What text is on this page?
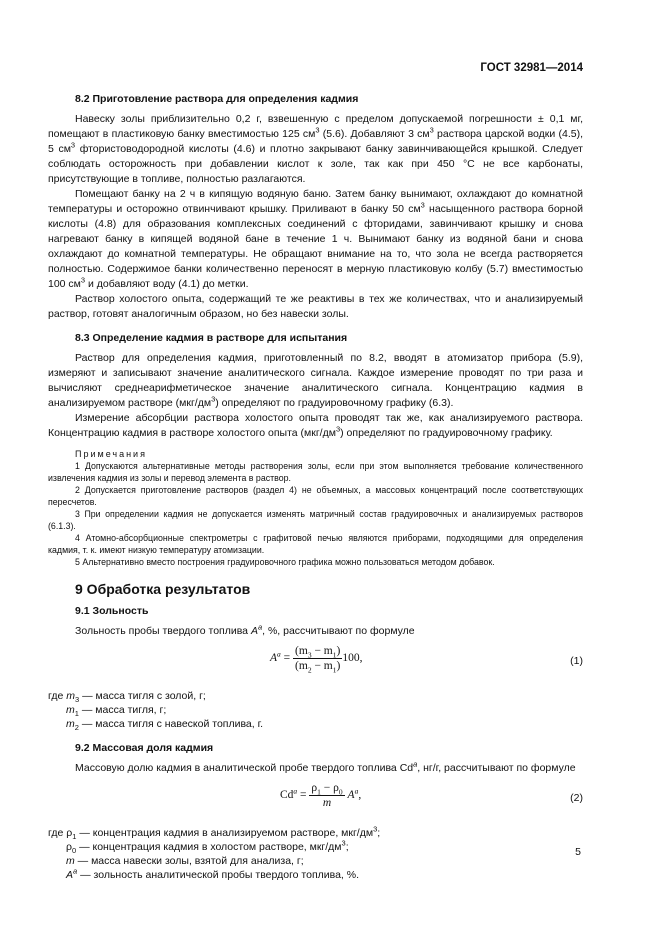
ГОСТ 32981—2014
8.2 Приготовление раствора для определения кадмия

Навеску золы приблизительно 0,2 г, взвешенную с пределом допускаемой погрешности ± 0,1 мг, помещают в пластиковую банку вместимостью 125 $см^3$ (5.6). Добавляют 3 $см^3$ раствора царской водки (4.5), 5 $см^3$ фтористоводородной кислоты (4.6) и плотно закрывают банку завинчивающейся крышкой. Следует соблюдать осторожность при добавлении кислот к золе, так как при 450 °С не все карбонаты, присутствующие в топливе, полностью разлагаются.

Помещают банку на 2 ч в кипящую водяную баню. Затем банку вынимают, охлаждают до комнатной температуры и осторожно отвинчивают крышку. Приливают в банку 50 $см^3$ насыщенного раствора борной кислоты (4.8) для образования комплексных соединений с фторидами, завинчивают крышку и снова нагревают банку в кипящей водяной бане в течение 1 ч. Вынимают банку из водяной бани и снова охлаждают до комнатной температуры. Не обращают внимание на то, что зола не всегда растворяется полностью. Содержимое банки количественно переносят в мерную пластиковую колбу (5.7) вместимостью 100 $см^3$ и добавляют воду (4.1) до метки.

Раствор холостого опыта, содержащий те же реактивы в тех же количествах, что и анализируемый раствор, готовят аналогичным образом, но без навески золы.

8.3 Определение кадмия в растворе для испытания

Раствор для определения кадмия, приготовленный по 8.2, вводят в атомизатор прибора (5.9), измеряют и записывают значение аналитического сигнала. Каждое измерение проводят по три раза и вычисляют среднеарифметическое значение аналитического сигнала. Концентрацию кадмия в анализируемом растворе $(мкг/дм^3)$ определяют по градуировочному графику (6.3).

Измерение абсорбции раствора холостого опыта проводят так же, как анализируемого раствора. Концентрацию кадмия в растворе холостого опыта $(мкг/дм^3)$ определяют по градуировочному графику.

Примечания
1 Допускаются альтернативные методы растворения золы, если при этом выполняется требование количественного извлечения кадмия из золы и перевод элемента в раствор.
2 Допускается приготовление растворов (раздел 4) не объемных, а массовых концентраций после соответствующих пересчетов.
3 При определении кадмия не допускается изменять матричный состав градуировочных и анализируемых растворов (6.1.3).
4 Атомно-абсорбционные спектрометры с графитовой печью являются приборами, подходящими для определения кадмия, т. к. имеют низкую температуру атомизации.
5 Альтернативно вместо построения градуировочного графика можно пользоваться методом добавок.
9 Обработка результатов
9.1 Зольность

Зольность пробы твердого топлива $A^a$, %, рассчитывают по формуле

$A^a = \frac{(m_3 - m_1)}{(m_2 - m_1)} 100$,	(1)
где $m_3$ — масса тигля с золой, г;
$m_1$ — масса тигля, г;
$m_2$ — масса тигля с навеской топлива, г.
9.2 Массовая доля кадмия

Массовую долю кадмия в аналитической пробе твердого топлива Cd$^a$, нг/г, рассчитывают по формуле

$Cd^a = \frac{\rho_1 - \rho_0}{m} A^a$,	(2)
где $\rho_1$ — концентрация кадмия в анализируемом растворе, мкг/$дм^3$;
$\rho_0$ — концентрация кадмия в холостом растворе, мкг/$дм^3$;
m — масса навески золы, взятой для анализа, г;
$A^a$ — зольность аналитической пробы твердого топлива, %.
5
